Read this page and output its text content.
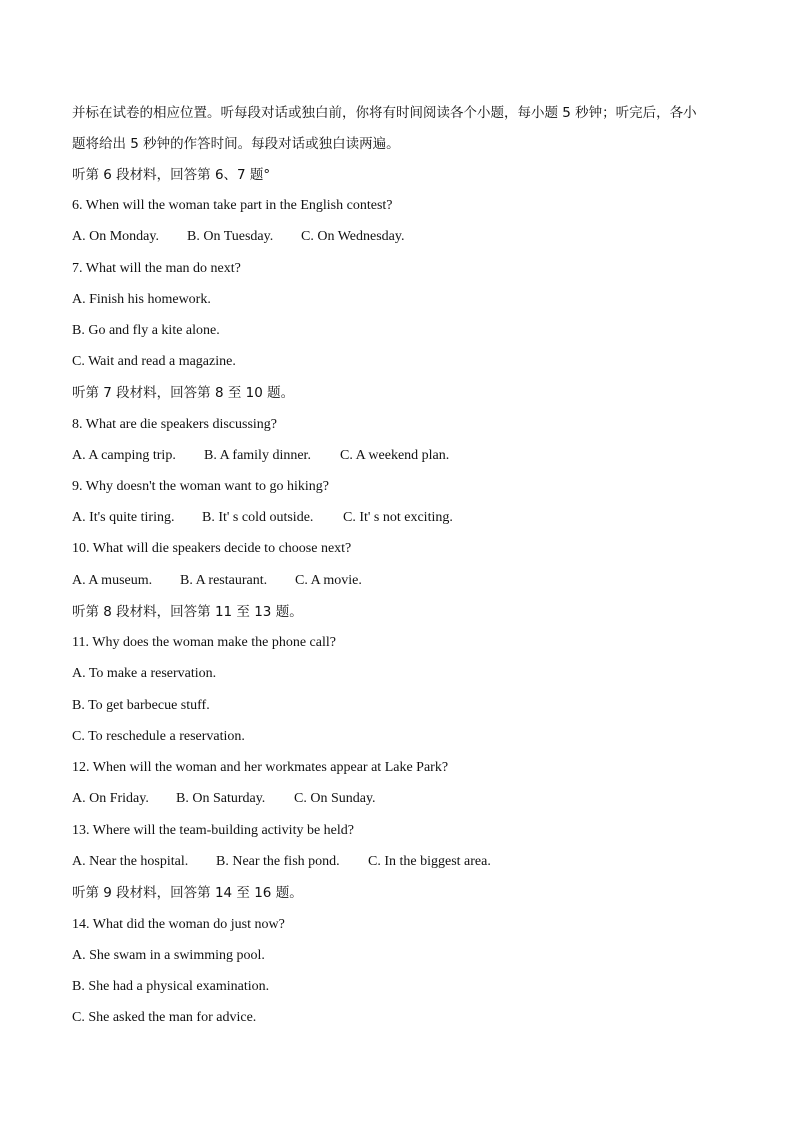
并标在试卷的相应位置。听每段对话或独白前，你将有时间阅读各个小题，每小题 5 秒钟；听完后，各小
题将给出 5 秒钟的作答时间。每段对话或独白读两遍。
听第 6 段材料，回答第 6、7 题°
6. When will the woman take part in the English contest?
A. On Monday.	B. On Tuesday.	C. On Wednesday.
7. What will the man do next?
A. Finish his homework.
B. Go and fly a kite alone.
C. Wait and read a magazine.
听第 7 段材料，回答第 8 至 10 题。
8. What are die speakers discussing?
A. A camping trip.	B. A family dinner.	C. A weekend plan.
9. Why doesn't the woman want to go hiking?
A. It's quite tiring.	B. It' s cold outside.	C. It' s not exciting.
10. What will die speakers decide to choose next?
A. A museum.	B. A restaurant.	C. A movie.
听第 8 段材料，回答第 11 至 13 题。
11. Why does the woman make the phone call?
A. To make a reservation.
B. To get barbecue stuff.
C. To reschedule a reservation.
12. When will the woman and her workmates appear at Lake Park?
A. On Friday.	B. On Saturday.	C. On Sunday.
13. Where will the team-building activity be held?
A. Near the hospital.	B. Near the fish pond.	C. In the biggest area.
听第 9 段材料，回答第 14 至 16 题。
14. What did the woman do just now?
A. She swam in a swimming pool.
B. She had a physical examination.
C. She asked the man for advice.
